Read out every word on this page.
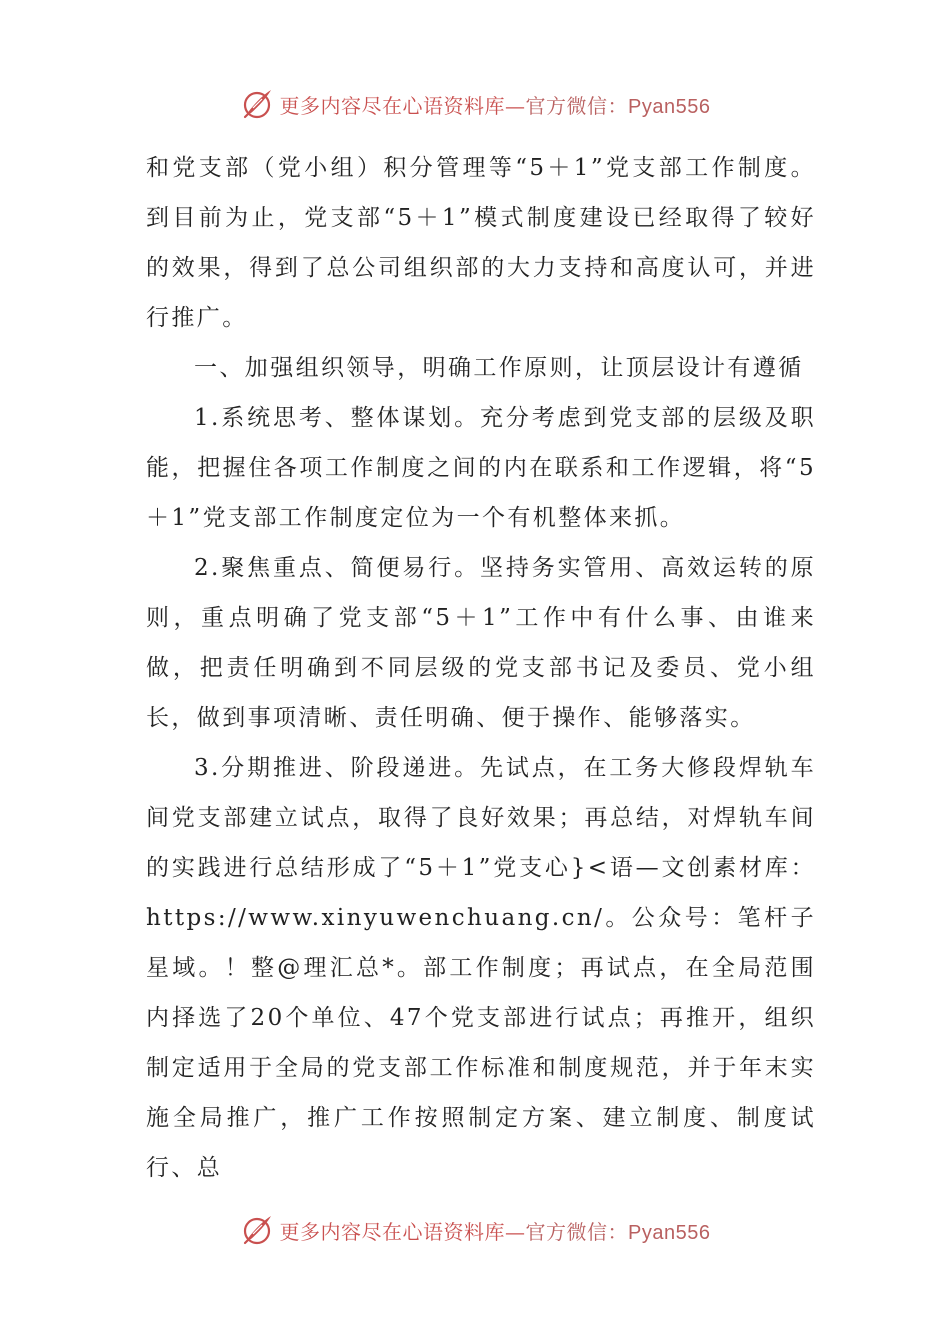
更多内容尽在心语资料库—官方微信：Pyan556

和党支部（党小组）积分管理等“5＋1”党支部工作制度。到目前为止，党支部“5＋1”模式制度建设已经取得了较好的效果，得到了总公司组织部的大力支持和高度认可，并进行推广。

一、加强组织领导，明确工作原则，让顶层设计有遵循

1.系统思考、整体谋划。充分考虑到党支部的层级及职能，把握住各项工作制度之间的内在联系和工作逻辑，将“5＋1”党支部工作制度定位为一个有机整体来抓。

2.聚焦重点、简便易行。坚持务实管用、高效运转的原则，重点明确了党支部“5＋1”工作中有什么事、由谁来做，把责任明确到不同层级的党支部书记及委员、党小组长，做到事项清晰、责任明确、便于操作、能够落实。

3.分期推进、阶段递进。先试点，在工务大修段焊轨车间党支部建立试点，取得了良好效果；再总结，对焊轨车间的实践进行总结形成了“5＋1”党支心}<语—文创素材库：https://www.xinyuwenchuang.cn/。公众号：笔杆子星域。！整@理汇总*。部工作制度；再试点，在全局范围内择选了20个单位、47个党支部进行试点；再推开，组织制定适用于全局的党支部工作标准和制度规范，并于年末实施全局推广，推广工作按照制定方案、建立制度、制度试行、总

更多内容尽在心语资料库—官方微信：Pyan556
